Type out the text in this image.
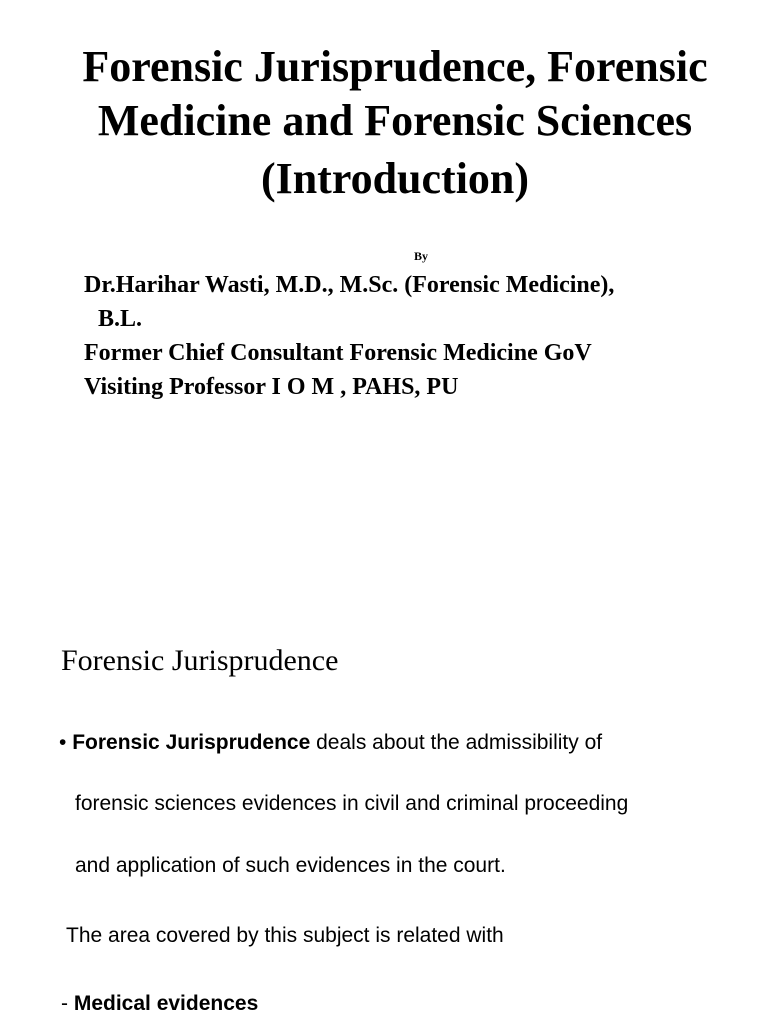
Forensic Jurisprudence, Forensic
Medicine and Forensic Sciences
(Introduction)
By
Dr.Harihar Wasti, M.D., M.Sc. (Forensic Medicine),
B.L.
Former Chief Consultant Forensic Medicine GoV
Visiting Professor I O M , PAHS, PU
Forensic Jurisprudence
• Forensic Jurisprudence deals about the admissibility of
forensic sciences evidences in civil and criminal proceeding
and application of such evidences in the court.
The area covered by this subject is related with
- Medical evidences
